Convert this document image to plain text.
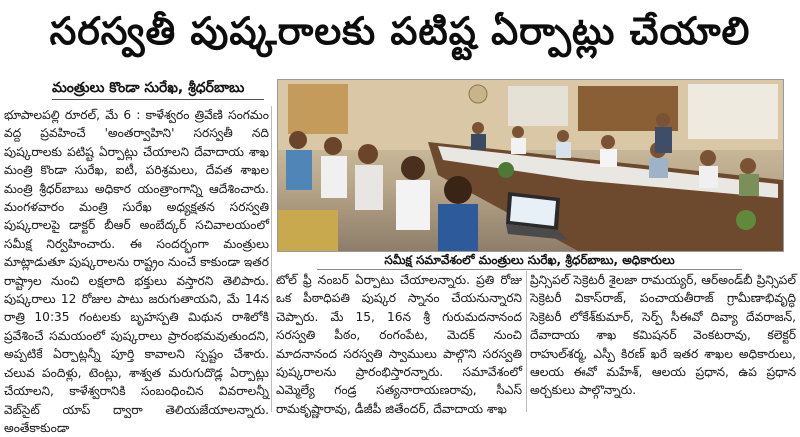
సరస్వతీ పుష్కరాలకు పటిష్ట ఏర్పాట్లు చేయాలి
మంత్రులు కొండా సురేఖ, శ్రీధర్‌బాబు

భూపాలపల్లి రూరల్‌, మే 6 : కాళేశ్వరం త్రివేణి సంగమం వద్ద ప్రవహించే 'అంతర్వాహిని' సరస్వతీ నది పుష్కరాలకు పటిష్ట ఏర్పాట్లు చేయాలని దేవాదాయ శాఖ మంత్రి కొండా సురేఖ, ఐటీ, పరిశ్రమలు, దేవత శాఖల మంత్రి శ్రీధర్‌బాబు అధికార యంత్రాంగాన్ని ఆదేశించారు. మంగళవారం మంత్రి సురేఖ అధ్యక్షతన సరస్వతి పుష్కరాలపై డాక్టర్‌ బీఆర్‌ అంబేద్కర్‌ సచివాలయంలో సమీక్ష నిర్వహించారు. ఈ సందర్భంగా మంత్రులు మాట్లాడుతూ పుష్కరాలను రాష్ట్రం నుంచే కాకుండా ఇతర రాష్ట్రాల నుంచి లక్షలాది భక్తులు వస్తారని తెలిపారు. పుష్కరాలు 12 రోజుల పాటు జరుగుతాయని, మే 14న రాత్రి 10:35 గంటలకు బృహస్పతి మిథున రాశిలోకి ప్రవేశించే సమయంలో పుష్కరాలు ప్రారంభమవుతుందని, అప్పటికే ఏర్పాట్లన్నీ పూర్తి కావాలని స్పష్టం చేశారు. చలువ పందిళ్లు, టెంట్లు, శాశ్వత మరుగుదొడ్ల ఏర్పాట్లు చేయాలని, కాళేశ్వరానికి సంబంధించిన వివరాలన్నీ వెబ్‌సైట్‌ యాప్‌ ద్వారా తెలియజేయాలన్నారు. అంతేకాకుండా

సమీక్ష సమావేశంలో మంత్రులు సురేఖ, శ్రీధర్‌బాబు, అధికారులు

టోల్‌ ఫ్రీ నంబర్‌ ఏర్పాటు చేయాలన్నారు. ప్రతి రోజు ఒక పీఠాధిపతి పుష్కర స్నానం చేయనున్నారని చెప్పారు. మే 15, 16న శ్రీ గురుమదనానంద సరస్వతి పీఠం, రంగంపేట, మెదక్‌ నుంచి మాదనానంద సరస్వతి స్వాములు పాల్గొని సరస్వతి పుష్కరాలను ప్రారంభిస్తారన్నారు. సమావేశంలో ఎమ్మెల్యే గండ్ర సత్యనారాయణరావు, సీఎస్‌ రామకృష్ణారావు, డీజీపీ జితేందర్‌, దేవాదాయ శాఖ

ప్రిన్సిపల్‌ సెక్రెటరీ శైలజా రామయ్యర్‌, ఆర్‌అండ్‌బీ ప్రిన్సిపల్‌ సెక్రెటరీ వికాస్‌రాజ్‌, పంచాయతీరాజ్‌ గ్రామీణాభివృద్ధి సెక్రెటరీ లోకేశ్‌కుమార్‌, సెర్ప్‌ సీఈవో దివ్యా దేవరాజన్‌, దేవాదాయ శాఖ కమిషనర్‌ వెంకటరావు, కలెక్టర్‌ రాహుల్‌శర్మ, ఎస్పీ కిరణ్‌ ఖరే ఇతర శాఖల అధికారులు, ఆలయ ఈవో మహేశ్‌, ఆలయ ప్రధాన, ఉప ప్రధాన అర్చకులు పాల్గొన్నారు.
